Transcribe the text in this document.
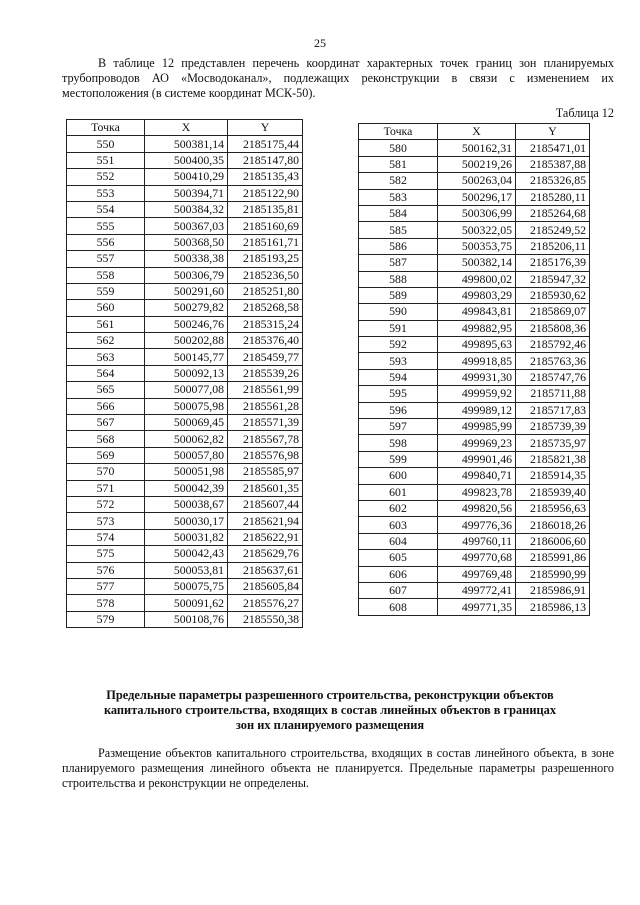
25

В таблице 12 представлен перечень координат характерных точек границ зон планируемых трубопроводов АО «Мосводоканал», подлежащих реконструкции в связи с изменением их местоположения (в системе координат МСК-50).

Таблица 12
Точка	X	Y
550	500381,14	2185175,44
551	500400,35	2185147,80
552	500410,29	2185135,43
553	500394,71	2185122,90
554	500384,32	2185135,81
555	500367,03	2185160,69
556	500368,50	2185161,71
557	500338,38	2185193,25
558	500306,79	2185236,50
559	500291,60	2185251,80
560	500279,82	2185268,58
561	500246,76	2185315,24
562	500202,88	2185376,40
563	500145,77	2185459,77
564	500092,13	2185539,26
565	500077,08	2185561,99
566	500075,98	2185561,28
567	500069,45	2185571,39
568	500062,82	2185567,78
569	500057,80	2185576,98
570	500051,98	2185585,97
571	500042,39	2185601,35
572	500038,67	2185607,44
573	500030,17	2185621,94
574	500031,82	2185622,91
575	500042,43	2185629,76
576	500053,81	2185637,61
577	500075,75	2185605,84
578	500091,62	2185576,27
579	500108,76	2185550,38
Точка	X	Y
580	500162,31	2185471,01
581	500219,26	2185387,88
582	500263,04	2185326,85
583	500296,17	2185280,11
584	500306,99	2185264,68
585	500322,05	2185249,52
586	500353,75	2185206,11
587	500382,14	2185176,39
588	499800,02	2185947,32
589	499803,29	2185930,62
590	499843,81	2185869,07
591	499882,95	2185808,36
592	499895,63	2185792,46
593	499918,85	2185763,36
594	499931,30	2185747,76
595	499959,92	2185711,88
596	499989,12	2185717,83
597	499985,99	2185739,39
598	499969,23	2185735,97
599	499901,46	2185821,38
600	499840,71	2185914,35
601	499823,78	2185939,40
602	499820,56	2185956,63
603	499776,36	2186018,26
604	499760,11	2186006,60
605	499770,68	2185991,86
606	499769,48	2185990,99
607	499772,41	2185986,91
608	499771,35	2185986,13
Предельные параметры разрешенного строительства, реконструкции объектов
капитального строительства, входящих в состав линейных объектов в границах
зон их планируемого размещения

Размещение объектов капитального строительства, входящих в состав линейного объекта, в зоне планируемого размещения линейного объекта не планируется. Предельные параметры разрешенного строительства и реконструкции не определены.
